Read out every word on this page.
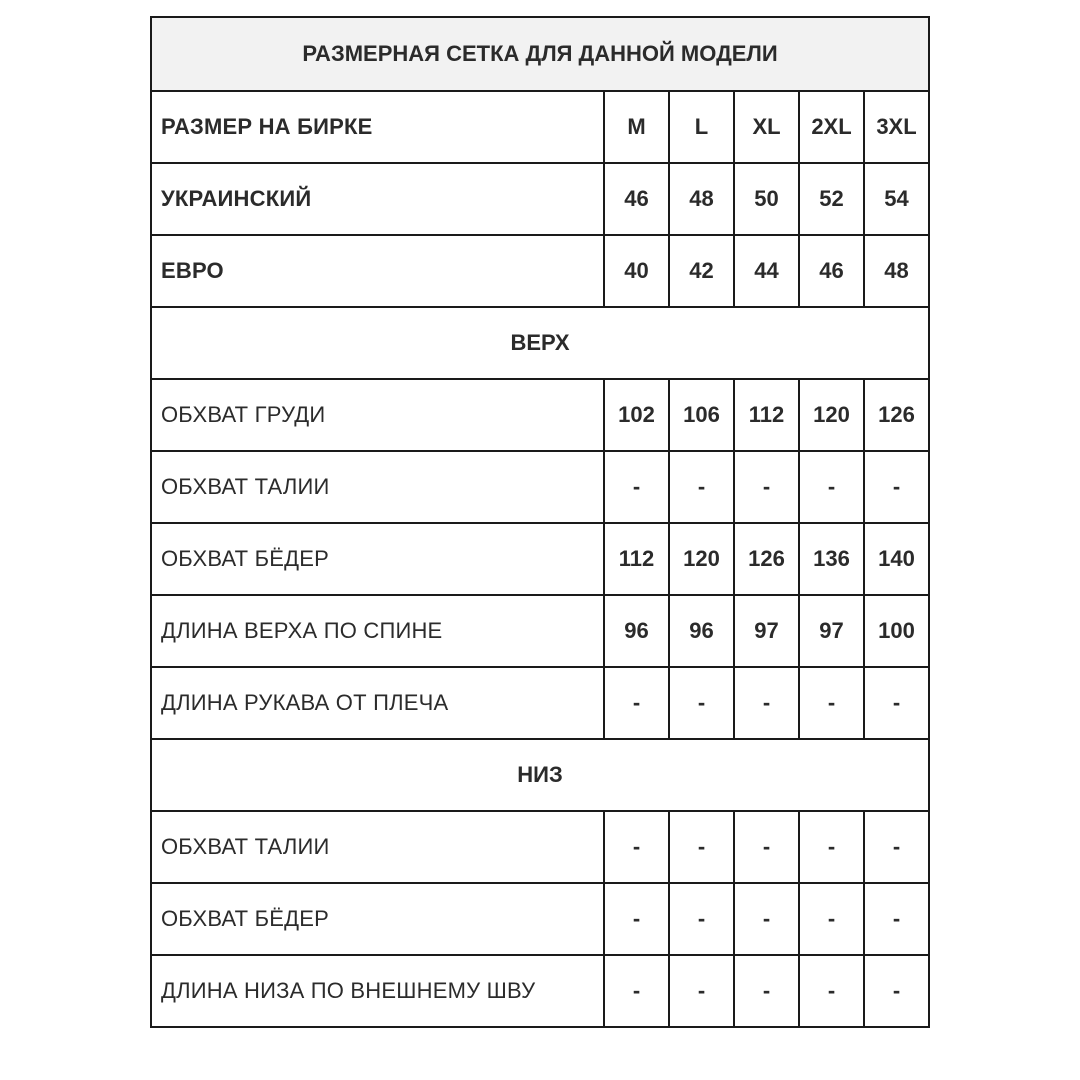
РАЗМЕРНАЯ СЕТКА ДЛЯ ДАННОЙ МОДЕЛИ					
РАЗМЕР НА БИРКЕ	M	L	XL	2XL	3XL
УКРАИНСКИЙ	46	48	50	52	54
ЕВРО	40	42	44	46	48
ВЕРХ					
ОБХВАТ ГРУДИ	102	106	112	120	126
ОБХВАТ ТАЛИИ	-	-	-	-	-
ОБХВАТ БЁДЕР	112	120	126	136	140
ДЛИНА ВЕРХА ПО СПИНЕ	96	96	97	97	100
ДЛИНА РУКАВА ОТ ПЛЕЧА	-	-	-	-	-
НИЗ					
ОБХВАТ ТАЛИИ	-	-	-	-	-
ОБХВАТ БЁДЕР	-	-	-	-	-
ДЛИНА НИЗА ПО ВНЕШНЕМУ ШВУ	-	-	-	-	-
